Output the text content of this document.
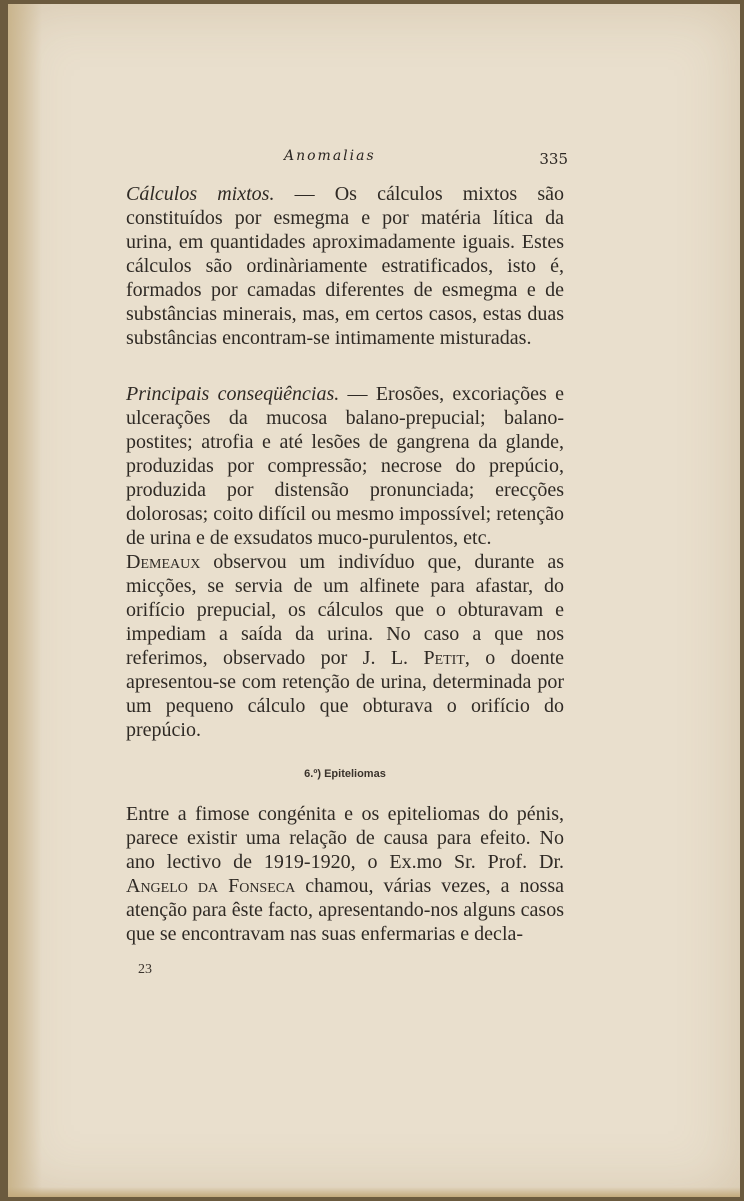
Anomalias	335

Cálculos mixtos. — Os cálculos mixtos são constituídos por esmegma e por matéria lítica da urina, em quantidades aproximadamente iguais. Estes cálculos são ordinàriamente estratificados, isto é, formados por camadas diferentes de esmegma e de substâncias minerais, mas, em certos casos, estas duas substâncias encontram-se intimamente misturadas.

Principais conseqüências. — Erosões, excoriações e ulcerações da mucosa balano-prepucial; balano-postites; atrofia e até lesões de gangrena da glande, produzidas por compressão; necrose do prepúcio, produzida por distensão pronunciada; erecções dolorosas; coito difícil ou mesmo impossível; retenção de urina e de exsudatos muco-purulentos, etc.

Demeaux observou um indivíduo que, durante as micções, se servia de um alfinete para afastar, do orifício prepucial, os cálculos que o obturavam e impediam a saída da urina. No caso a que nos referimos, observado por J. L. Petit, o doente apresentou-se com retenção de urina, determinada por um pequeno cálculo que obturava o orifício do prepúcio.

6.º) Epiteliomas

Entre a fimose congénita e os epiteliomas do pénis, parece existir uma relação de causa para efeito. No ano lectivo de 1919-1920, o Ex.mo Sr. Prof. Dr. Angelo da Fonseca chamou, várias vezes, a nossa atenção para êste facto, apresentando-nos alguns casos que se encontravam nas suas enfermarias e decla-

23
